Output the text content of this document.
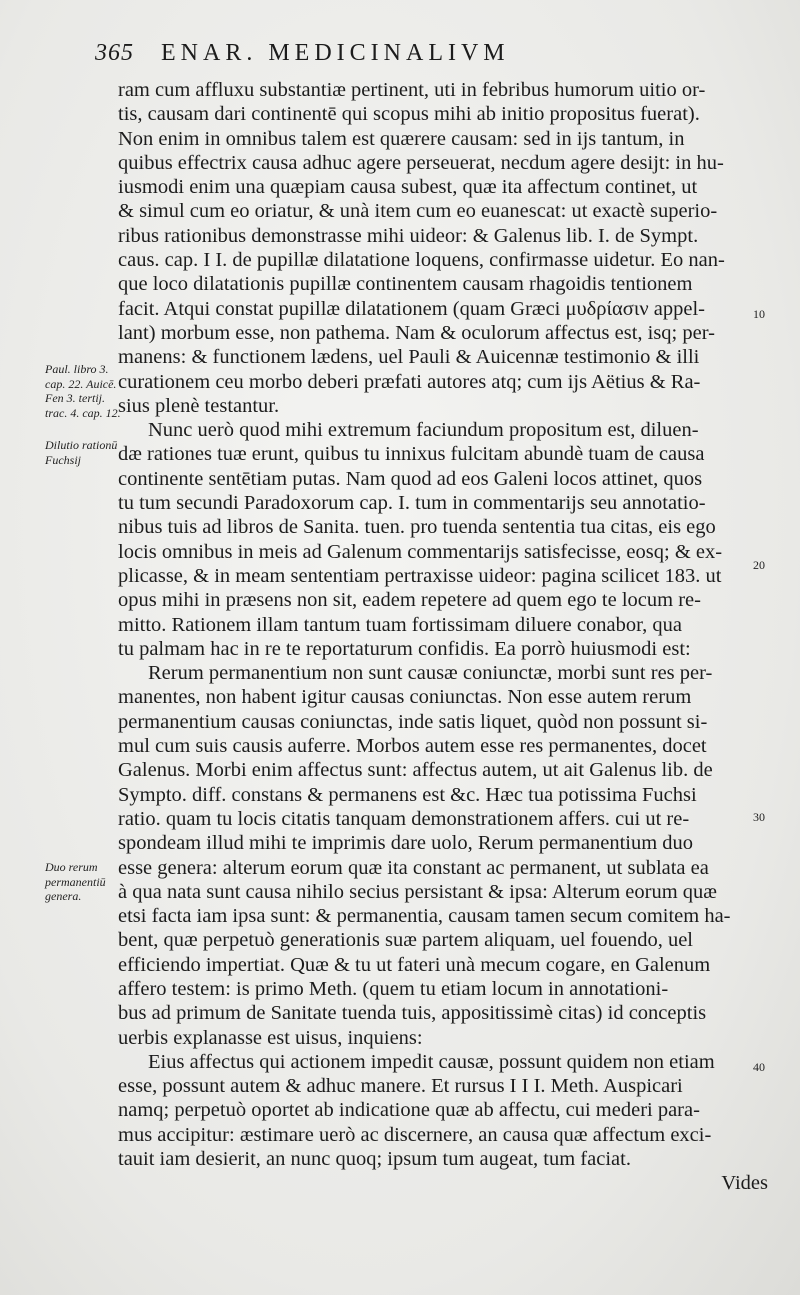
365 ENAR. MEDICINALIVM
ram cum affluxu substantiæ pertinent, uti in febribus humorum uitio or-
tis, causam dari continentē qui scopus mihi ab initio propositus fuerat).
Non enim in omnibus talem est quærere causam: sed in ijs tantum, in
quibus effectrix causa adhuc agere perseuerat, necdum agere desijt: in hu-
iusmodi enim una quæpiam causa subest, quæ ita affectum continet, ut
& simul cum eo oriatur, & unà item cum eo euanescat: ut exactè superio-
ribus rationibus demonstrasse mihi uideor: & Galenus lib. I. de Sympt.
caus. cap. I I. de pupillæ dilatatione loquens, confirmasse uidetur. Eo nan-
que loco dilatationis pupillæ continentem causam rhagoidis tentionem
facit. Atqui constat pupillæ dilatationem (quam Græci μυδρίασιν appel-
lant) morbum esse, non pathema. Nam & oculorum affectus est, isq; per-
manens: & functionem lædens, uel Pauli & Auicennæ testimonio & illi
curationem ceu morbo deberi præfati autores atq; cum ijs Aëtius & Ra-
sius plenè testantur.
Nunc uerò quod mihi extremum faciundum propositum est, diluen-
dæ rationes tuæ erunt, quibus tu innixus fulcitam abundè tuam de causa
continente sentētiam putas. Nam quod ad eos Galeni locos attinet, quos
tu tum secundi Paradoxorum cap. I. tum in commentarijs seu annotatio-
nibus tuis ad libros de Sanita. tuen. pro tuenda sententia tua citas, eis ego
locis omnibus in meis ad Galenum commentarijs satisfecisse, eosq; & ex-
plicasse, & in meam sententiam pertraxisse uideor: pagina scilicet 183. ut
opus mihi in præsens non sit, eadem repetere ad quem ego te locum re-
mitto. Rationem illam tantum tuam fortissimam diluere conabor, qua
tu palmam hac in re te reportaturum confidis. Ea porrò huiusmodi est:
Rerum permanentium non sunt causæ coniunctæ, morbi sunt res per-
manentes, non habent igitur causas coniunctas. Non esse autem rerum
permanentium causas coniunctas, inde satis liquet, quòd non possunt si-
mul cum suis causis auferre. Morbos autem esse res permanentes, docet
Galenus. Morbi enim affectus sunt: affectus autem, ut ait Galenus lib. de
Sympto. diff. constans & permanens est &c. Hæc tua potissima Fuchsi
ratio. quam tu locis citatis tanquam demonstrationem affers. cui ut re-
spondeam illud mihi te imprimis dare uolo, Rerum permanentium duo
esse genera: alterum eorum quæ ita constant ac permanent, ut sublata ea
à qua nata sunt causa nihilo secius persistant & ipsa: Alterum eorum quæ
etsi facta iam ipsa sunt: & permanentia, causam tamen secum comitem ha-
bent, quæ perpetuò generationis suæ partem aliquam, uel fouendo, uel
efficiendo impertiat. Quæ & tu ut fateri unà mecum cogare, en Galenum
affero testem: is primo Meth. (quem tu etiam locum in annotationi-
bus ad primum de Sanitate tuenda tuis, appositissimè citas) id conceptis
uerbis explanasse est uisus, inquiens:
Eius affectus qui actionem impedit causæ, possunt quidem non etiam
esse, possunt autem & adhuc manere. Et rursus I I I. Meth. Auspicari
namq; perpetuò oportet ab indicatione quæ ab affectu, cui mederi para-
mus accipitur: æstimare uerò ac discernere, an causa quæ affectum exci-
tauit iam desierit, an nunc quoq; ipsum tum augeat, tum faciat.
Vides
Paul. libro 3. cap. 22. Auicē. Fen 3. tertij. trac. 4. cap. 12.
Dilutio rationū Fuchsij
Duo rerum permanentiū genera.
10
20
30
40
